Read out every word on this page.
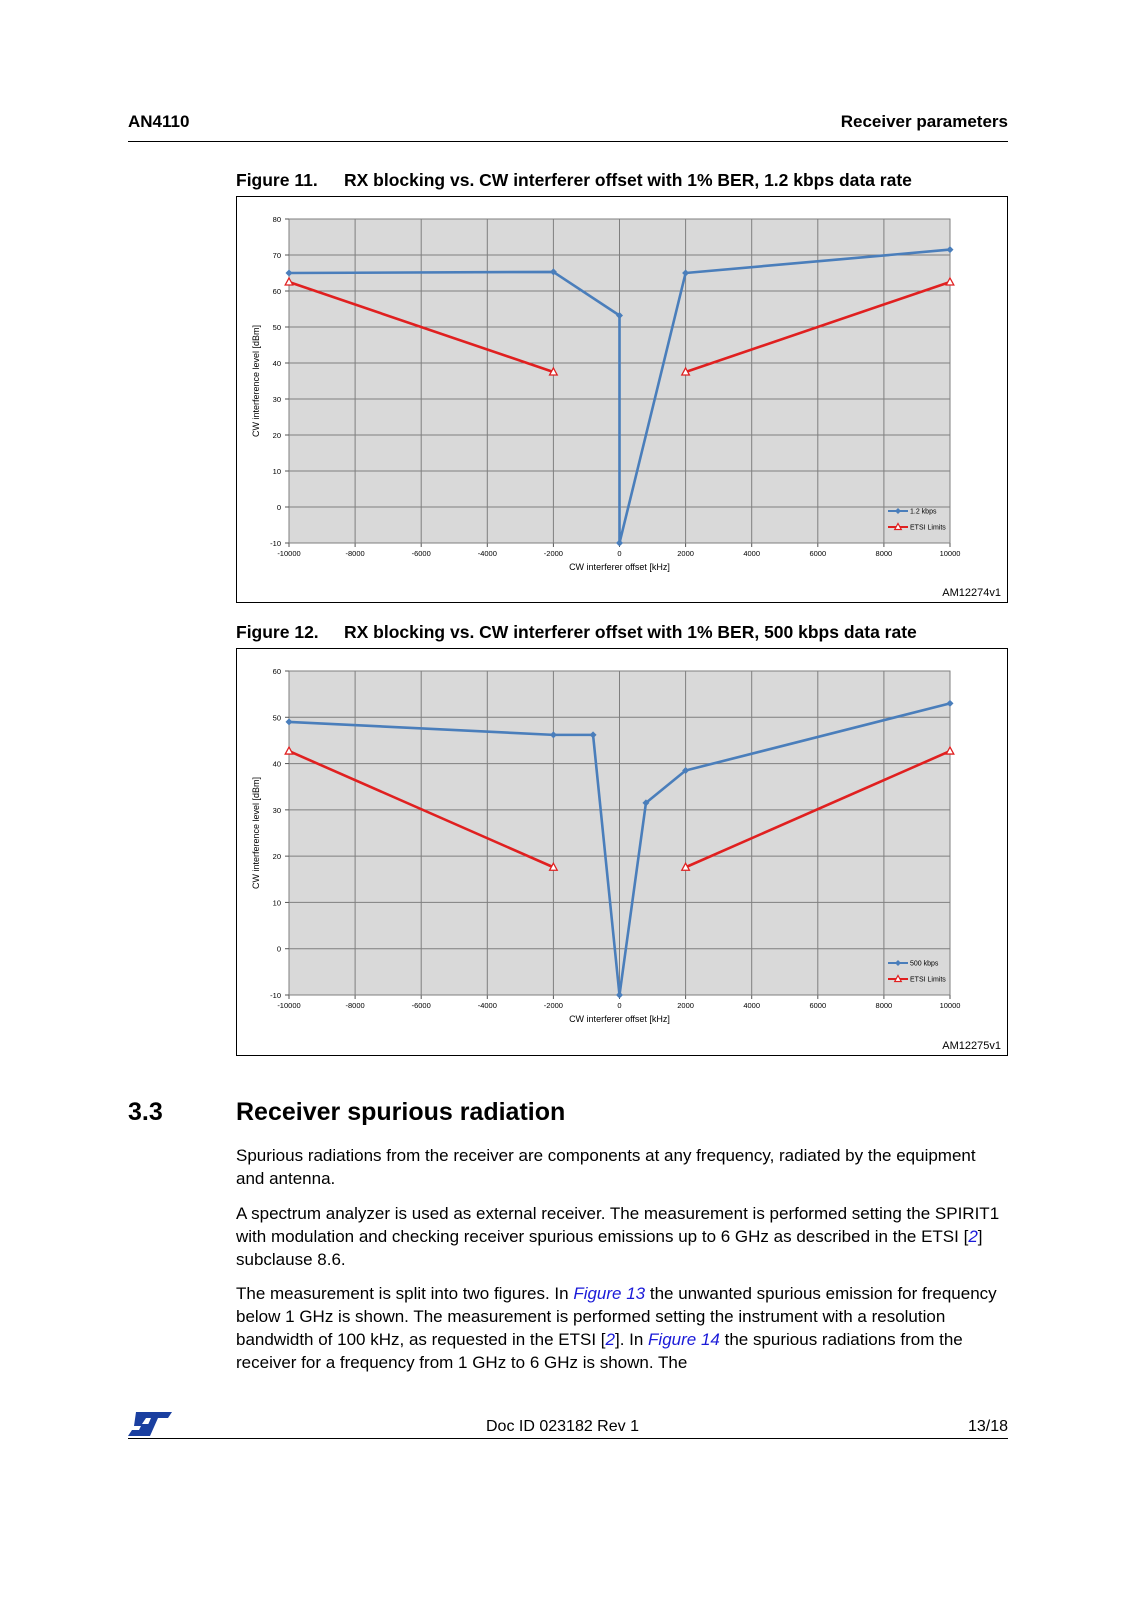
AN4110	Receiver parameters
Figure 11. RX blocking vs. CW interferer offset with 1% BER, 1.2 kbps data rate
-10000	-8000	-6000	-4000	-2000	0	2000	4000	6000	8000	10000
-10
0
10
20
30
40
50
60
70
80
CW interferer offset [kHz]
CW interference level [dBm]
1.2 kbps
ETSI Limits
AM12274v1
Figure 12. RX blocking vs. CW interferer offset with 1% BER, 500 kbps data rate
-10000	-8000	-6000	-4000	-2000	0	2000	4000	6000	8000	10000
-10
0
10
20
30
40
50
60
CW interferer offset [kHz]
CW interference level [dBm]
500 kbps
ETSI Limits
AM12275v1
3.3	Receiver spurious radiation
Spurious radiations from the receiver are components at any frequency, radiated by the equipment and antenna.
A spectrum analyzer is used as external receiver. The measurement is performed setting the SPIRIT1 with modulation and checking receiver spurious emissions up to 6 GHz as described in the ETSI [2] subclause 8.6.
The measurement is split into two figures. In Figure 13 the unwanted spurious emission for frequency below 1 GHz is shown. The measurement is performed setting the instrument with a resolution bandwidth of 100 kHz, as requested in the ETSI [2]. In Figure 14 the spurious radiations from the receiver for a frequency from 1 GHz to 6 GHz is shown. The
Doc ID 023182 Rev 1	13/18
